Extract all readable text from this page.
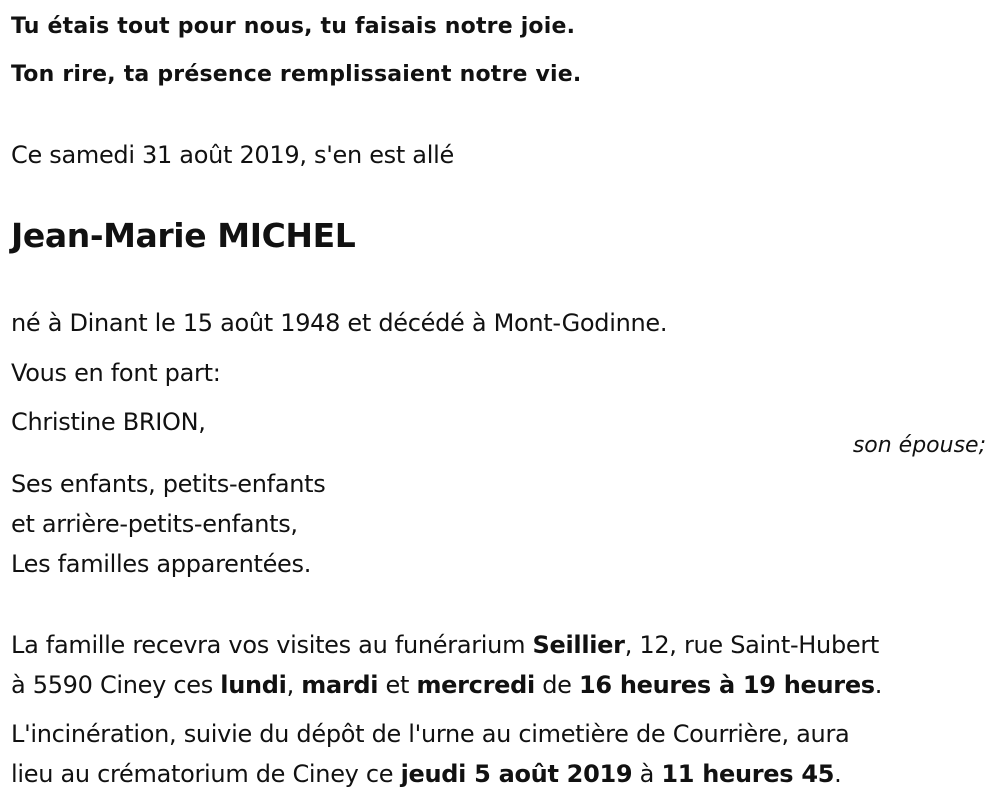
Tu étais tout pour nous, tu faisais notre joie.
Ton rire, ta présence remplissaient notre vie.
Ce samedi 31 août 2019, s'en est allé
Jean-Marie MICHEL
né à Dinant le 15 août 1948 et décédé à Mont-Godinne.
Vous en font part:
Christine BRION,
son épouse;
Ses enfants, petits-enfants
et arrière-petits-enfants,
Les familles apparentées.
La famille recevra vos visites au funérarium Seillier, 12, rue Saint-Hubert
à 5590 Ciney ces lundi, mardi et mercredi de 16 heures à 19 heures.
L'incinération, suivie du dépôt de l'urne au cimetière de Courrière, aura
lieu au crématorium de Ciney ce jeudi 5 août 2019 à 11 heures 45.
